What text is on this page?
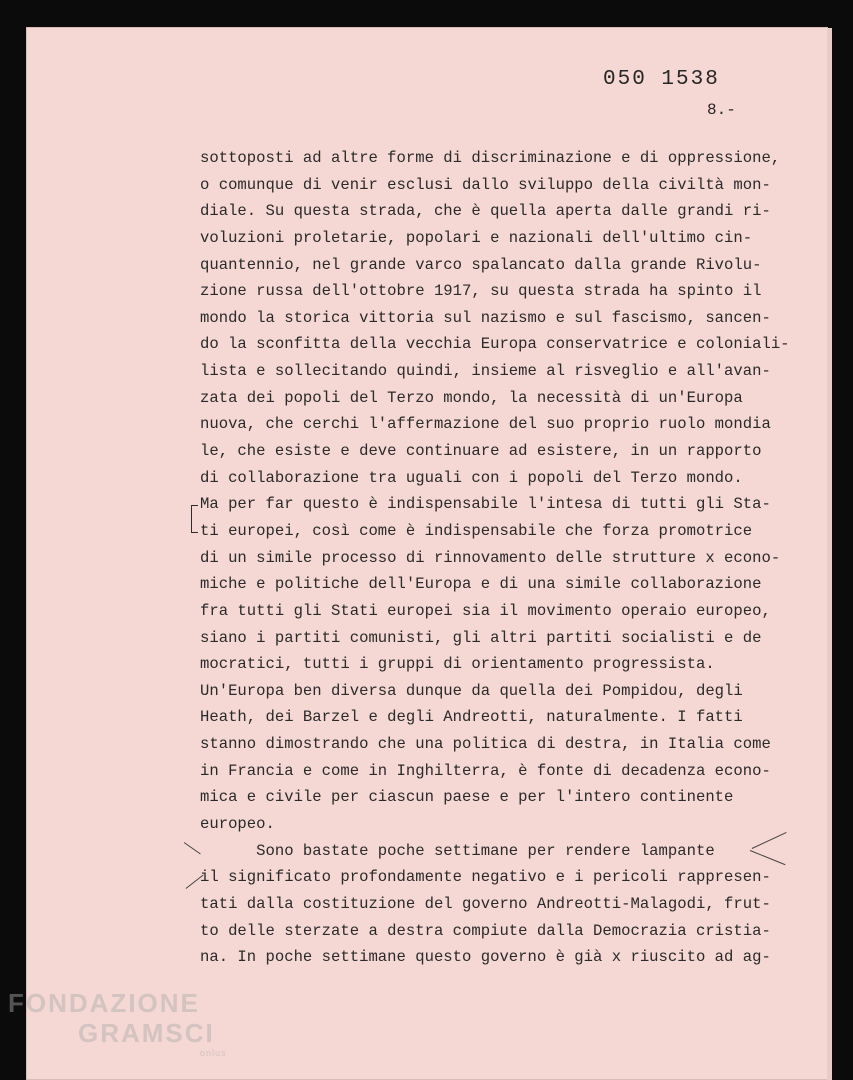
050 1538
8.-
sottoposti ad altre forme di discriminazione e di oppressione,
o comunque di venir esclusi dallo sviluppo della civiltà mon-
diale. Su questa strada, che è quella aperta dalle grandi ri-
voluzioni proletarie, popolari e nazionali dell'ultimo cin-
quantennio, nel grande varco spalancato dalla grande Rivolu-
zione russa dell'ottobre 1917, su questa strada ha spinto il
mondo la storica vittoria sul nazismo e sul fascismo, sancen-
do la sconfitta della vecchia Europa conservatrice e coloniali-
lista e sollecitando quindi, insieme al risveglio e all'avan-
zata dei popoli del Terzo mondo, la necessità di un'Europa
nuova, che cerchi l'affermazione del suo proprio ruolo mondia
le, che esiste e deve continuare ad esistere, in un rapporto
di collaborazione tra uguali con i popoli del Terzo mondo.
Ma per far questo è indispensabile l'intesa di tutti gli Sta-
ti europei, così come è indispensabile che forza promotrice
di un simile processo di rinnovamento delle strutture x econo-
miche e politiche dell'Europa e di una simile collaborazione
fra tutti gli Stati europei sia il movimento operaio europeo,
siano i partiti comunisti, gli altri partiti socialisti e de
mocratici, tutti i gruppi di orientamento progressista.
Un'Europa ben diversa dunque da quella dei Pompidou, degli
Heath, dei Barzel e degli Andreotti, naturalmente. I fatti
stanno dimostrando che una politica di destra, in Italia come
in Francia e come in Inghilterra, è fonte di decadenza econo-
mica e civile per ciascun paese e per l'intero continente
europeo.
Sono bastate poche settimane per rendere lampante
il significato profondamente negativo e i pericoli rappresen-
tati dalla costituzione del governo Andreotti-Malagodi, frut-
to delle sterzate a destra compiute dalla Democrazia cristia-
na. In poche settimane questo governo è già x riuscito ad ag-
FONDAZIONE
GRAMSCI
onlus
